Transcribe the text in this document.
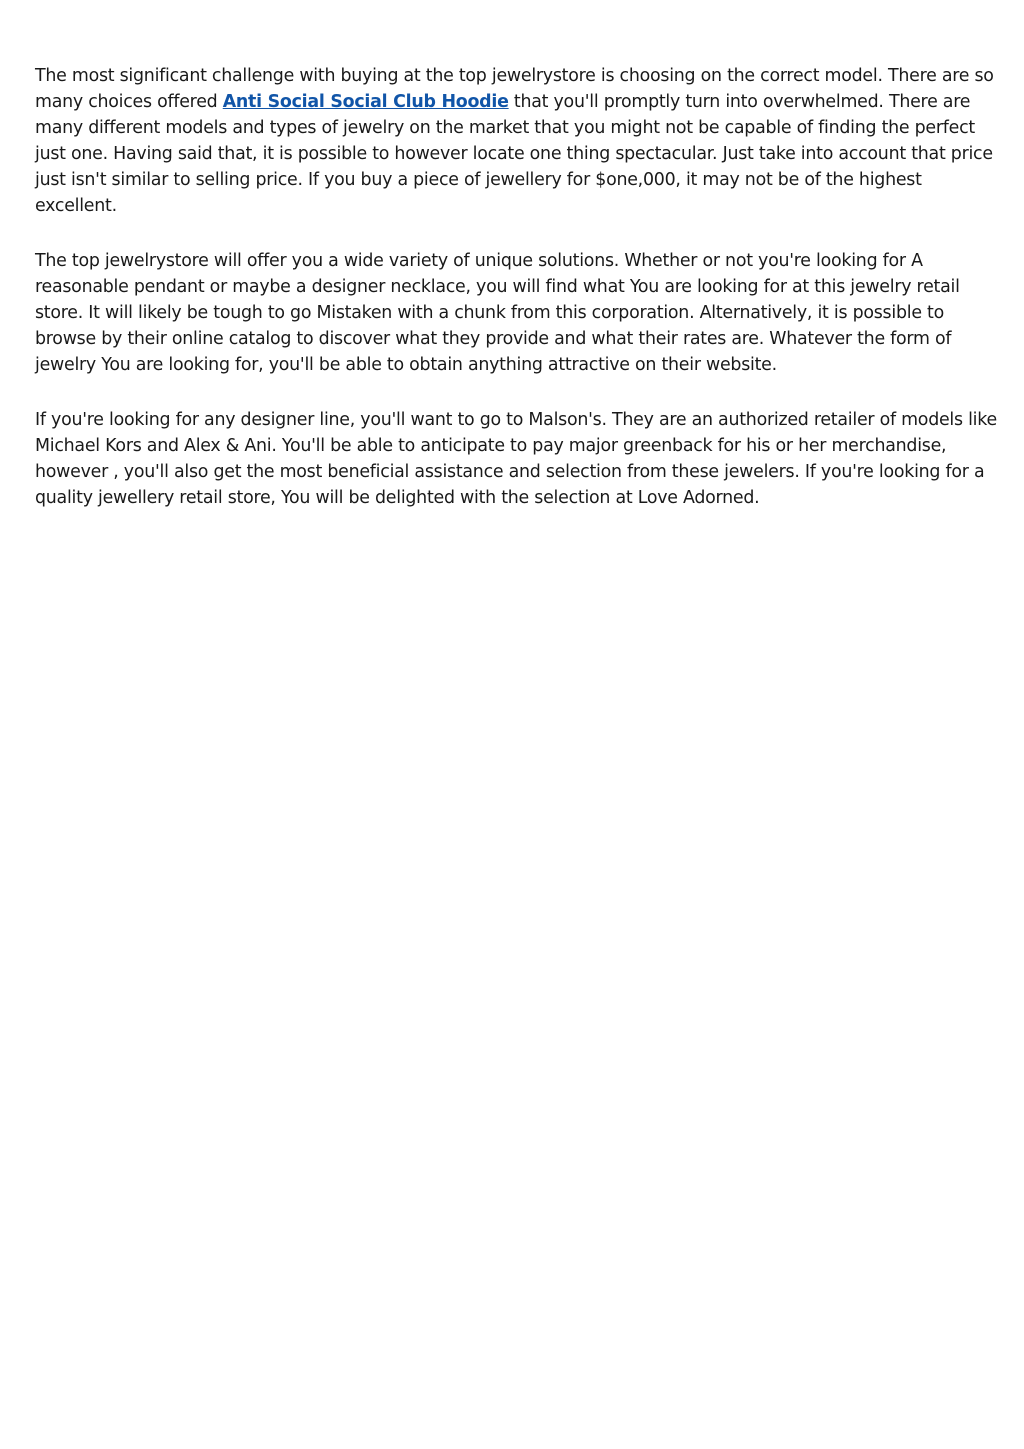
The most significant challenge with buying at the top jewelrystore is choosing on the correct model. There are so many choices offered Anti Social Social Club Hoodie that you'll promptly turn into overwhelmed. There are many different models and types of jewelry on the market that you might not be capable of finding the perfect just one. Having said that, it is possible to however locate one thing spectacular. Just take into account that price just isn't similar to selling price. If you buy a piece of jewellery for $one,000, it may not be of the highest excellent.

The top jewelrystore will offer you a wide variety of unique solutions. Whether or not you're looking for A reasonable pendant or maybe a designer necklace, you will find what You are looking for at this jewelry retail store. It will likely be tough to go Mistaken with a chunk from this corporation. Alternatively, it is possible to browse by their online catalog to discover what they provide and what their rates are. Whatever the form of jewelry You are looking for, you'll be able to obtain anything attractive on their website.

If you're looking for any designer line, you'll want to go to Malson's. They are an authorized retailer of models like Michael Kors and Alex & Ani. You'll be able to anticipate to pay major greenback for his or her merchandise, however , you'll also get the most beneficial assistance and selection from these jewelers. If you're looking for a quality jewellery retail store, You will be delighted with the selection at Love Adorned.
